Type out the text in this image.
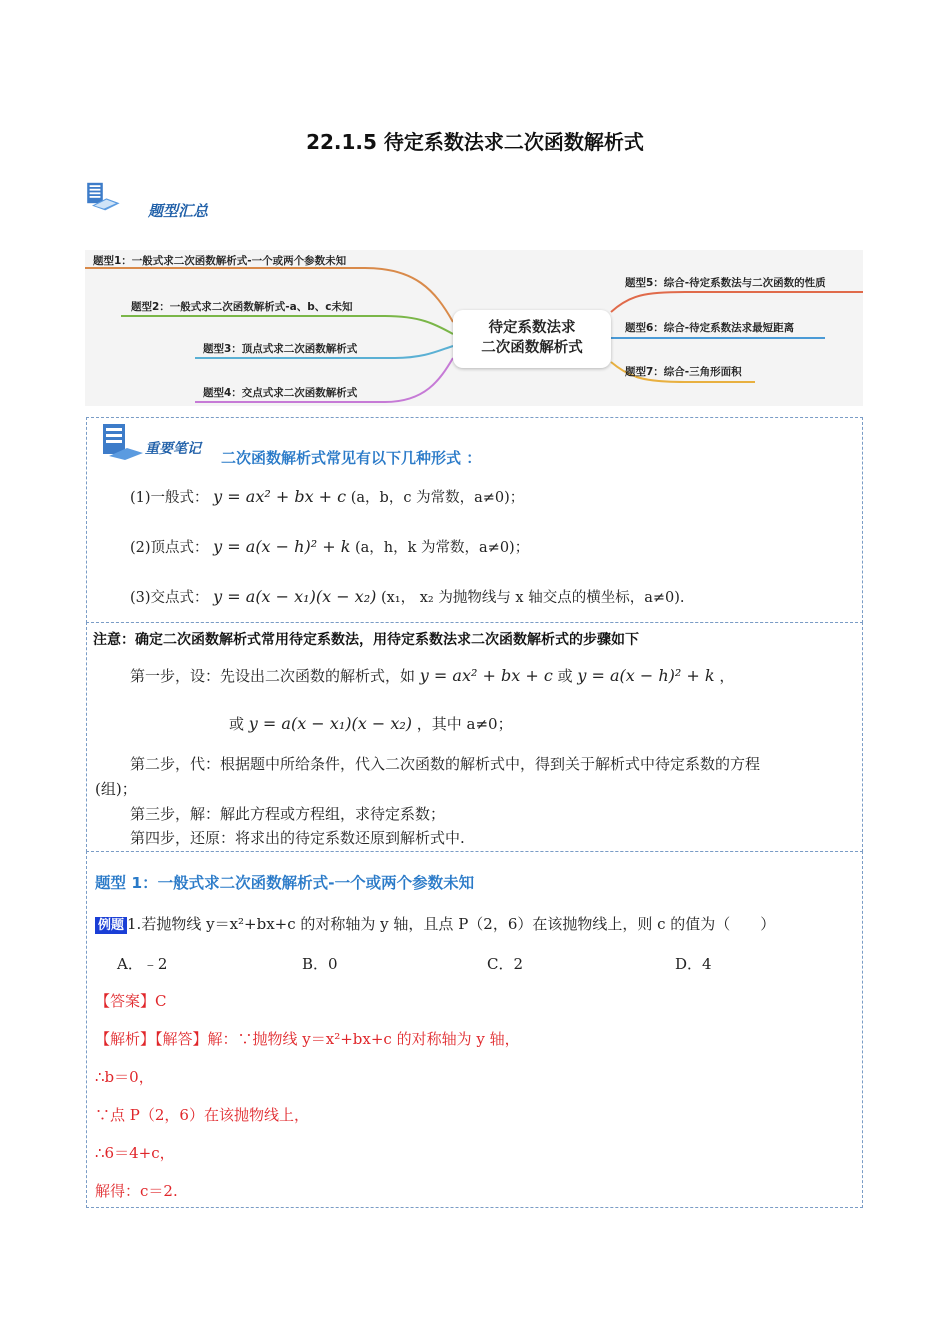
22.1.5 待定系数法求二次函数解析式
题型汇总
题型1：一般式求二次函数解析式-一个或两个参数未知
题型2：一般式求二次函数解析式-a、b、c未知
题型3：顶点式求二次函数解析式
题型4：交点式求二次函数解析式
题型5：综合-待定系数法与二次函数的性质
题型6：综合-待定系数法求最短距离
题型7：综合-三角形面积
待定系数法求
二次函数解析式
重要笔记 二次函数解析式常见有以下几种形式 ：
(1)一般式： y = ax² + bx + c (a，b，c 为常数，a≠0)；
(2)顶点式： y = a(x − h)² + k (a，h，k 为常数，a≠0)；
(3)交点式： y = a(x − x₁)(x − x₂) (x₁， x₂ 为抛物线与 x 轴交点的横坐标，a≠0).
注意：确定二次函数解析式常用待定系数法，用待定系数法求二次函数解析式的步骤如下
第一步，设：先设出二次函数的解析式，如 y = ax² + bx + c 或 y = a(x − h)² + k ，
或 y = a(x − x₁)(x − x₂) ，其中 a≠0；
第二步，代：根据题中所给条件，代入二次函数的解析式中，得到关于解析式中待定系数的方程
(组)；
第三步，解：解此方程或方程组，求待定系数；
第四步，还原：将求出的待定系数还原到解析式中.
题型 1：一般式求二次函数解析式-一个或两个参数未知
例题 1.若抛物线 y＝x²+bx+c 的对称轴为 y 轴，且点 P（2，6）在该抛物线上，则 c 的值为（　　）
A．﹣2	B．0	C．2	D．4
【答案】C
【解析】【解答】解：∵抛物线 y＝x²+bx+c 的对称轴为 y 轴，
∴b＝0，
∵点 P（2，6）在该抛物线上，
∴6＝4+c，
解得：c＝2.
